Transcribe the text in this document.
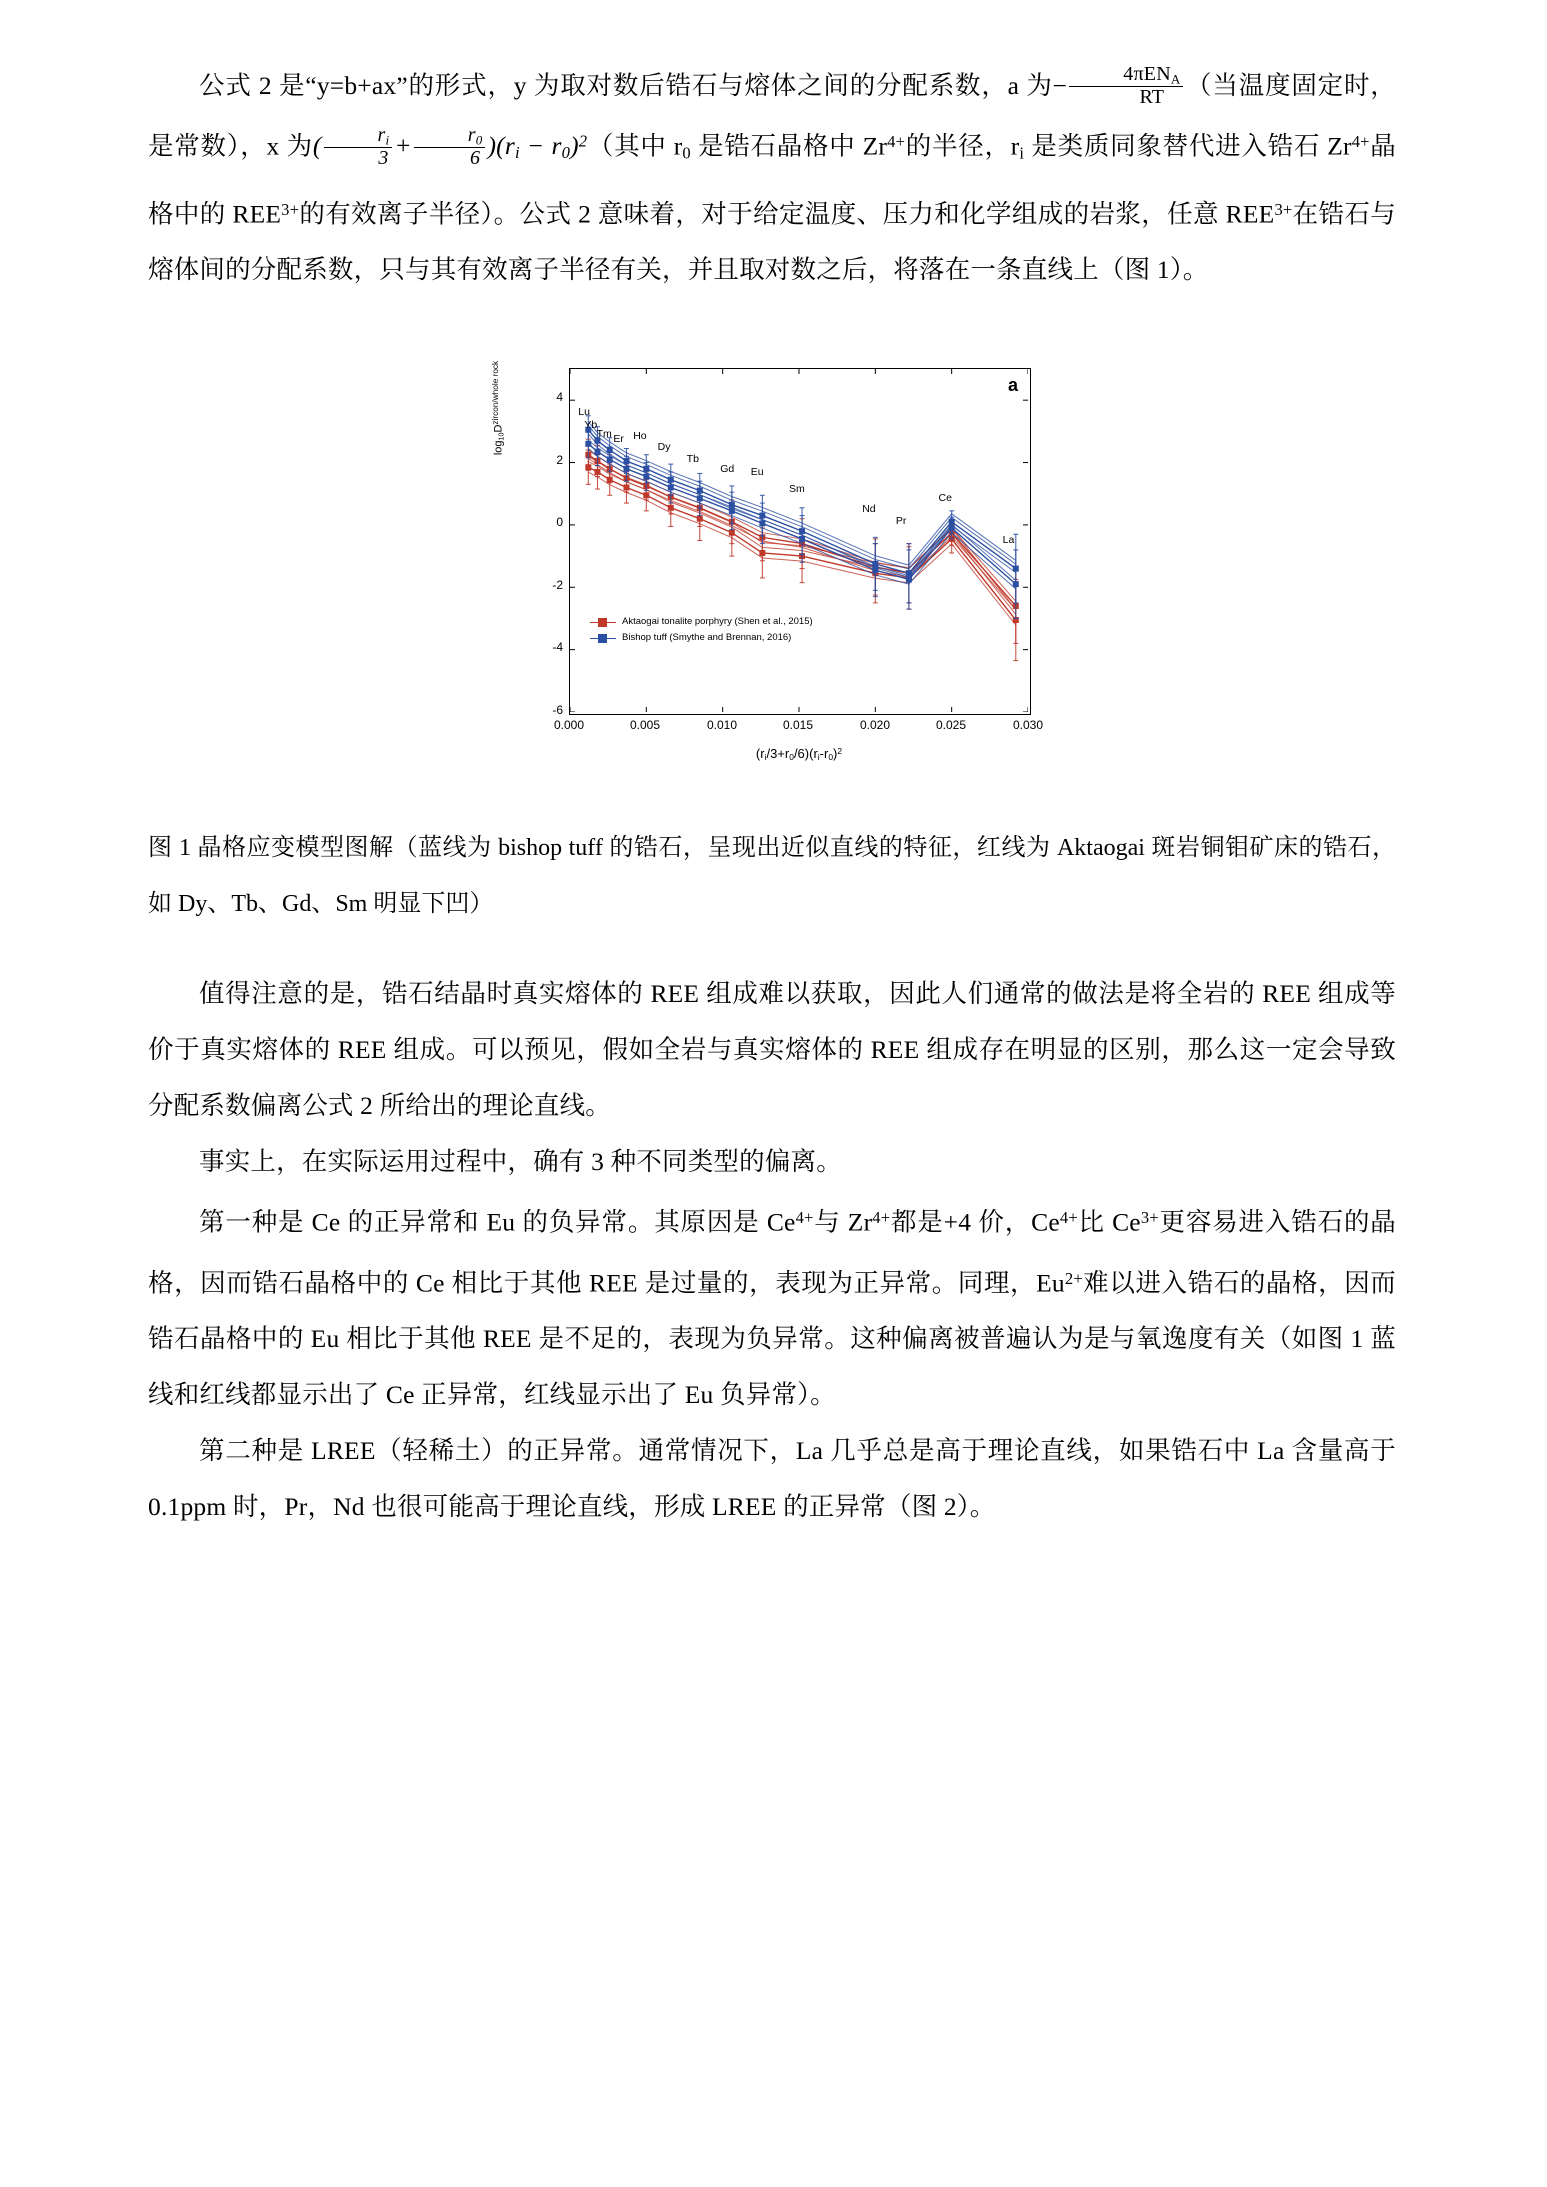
公式 2 是“y=b+ax”的形式，y 为取对数后锆石与熔体之间的分配系数，a 为− $\frac{4\pi EN_A}{RT}$ （当温度固定时，是常数），x 为( $\frac{r_i}{3} + \frac{r_0}{6} )(r_i - r_0)^2$（其中 $r_0$ 是锆石晶格中 $Zr^{4+}$的半径，$r_i$ 是类质同象替代进入锆石 $Zr^{4+}$晶格中的 $REE^{3+}$的有效离子半径）。公式 2 意味着，对于给定温度、压力和化学组成的岩浆，任意 $REE^{3+}$在锆石与熔体间的分配系数，只与其有效离子半径有关，并且取对数之后，将落在一条直线上（图 1）。

4
2
0
-2
-4
-6
0.000	0.005	0.010	0.015	0.020	0.025	0.030
$\log_{10}D^{zircon/whole rock}$
$(r_i/3+r_0/6)(r_i-r_0)^2$
a
Lu
Yb
Tm Er Ho
Dy
Tb
Gd Eu
Sm
Nd
Pr
Ce
La
Aktaogai tonalite porphyry (Shen et al., 2015)
Bishop tuff (Smythe and Brennan, 2016)
图 1 晶格应变模型图解（蓝线为 bishop tuff 的锆石，呈现出近似直线的特征，红线为 Aktaogai 斑岩铜钼矿床的锆石，如 Dy、Tb、Gd、Sm 明显下凹）

值得注意的是，锆石结晶时真实熔体的 REE 组成难以获取，因此人们通常的做法是将全岩的 REE 组成等价于真实熔体的 REE 组成。可以预见，假如全岩与真实熔体的 REE 组成存在明显的区别，那么这一定会导致分配系数偏离公式 2 所给出的理论直线。

事实上，在实际运用过程中，确有 3 种不同类型的偏离。

第一种是 Ce 的正异常和 Eu 的负异常。其原因是 $Ce^{4+}$与 $Zr^{4+}$都是+4 价，$Ce^{4+}$比 $Ce^{3+}$更容易进入锆石的晶格，因而锆石晶格中的 Ce 相比于其他 REE 是过量的，表现为正异常。同理，$Eu^{2+}$难以进入锆石的晶格，因而锆石晶格中的 Eu 相比于其他 REE 是不足的，表现为负异常。这种偏离被普遍认为是与氧逸度有关（如图 1 蓝线和红线都显示出了 Ce 正异常，红线显示出了 Eu 负异常）。

第二种是 LREE（轻稀土）的正异常。通常情况下，La 几乎总是高于理论直线，如果锆石中 La 含量高于 0.1ppm 时，Pr，Nd 也很可能高于理论直线，形成 LREE 的正异常（图 2）。
